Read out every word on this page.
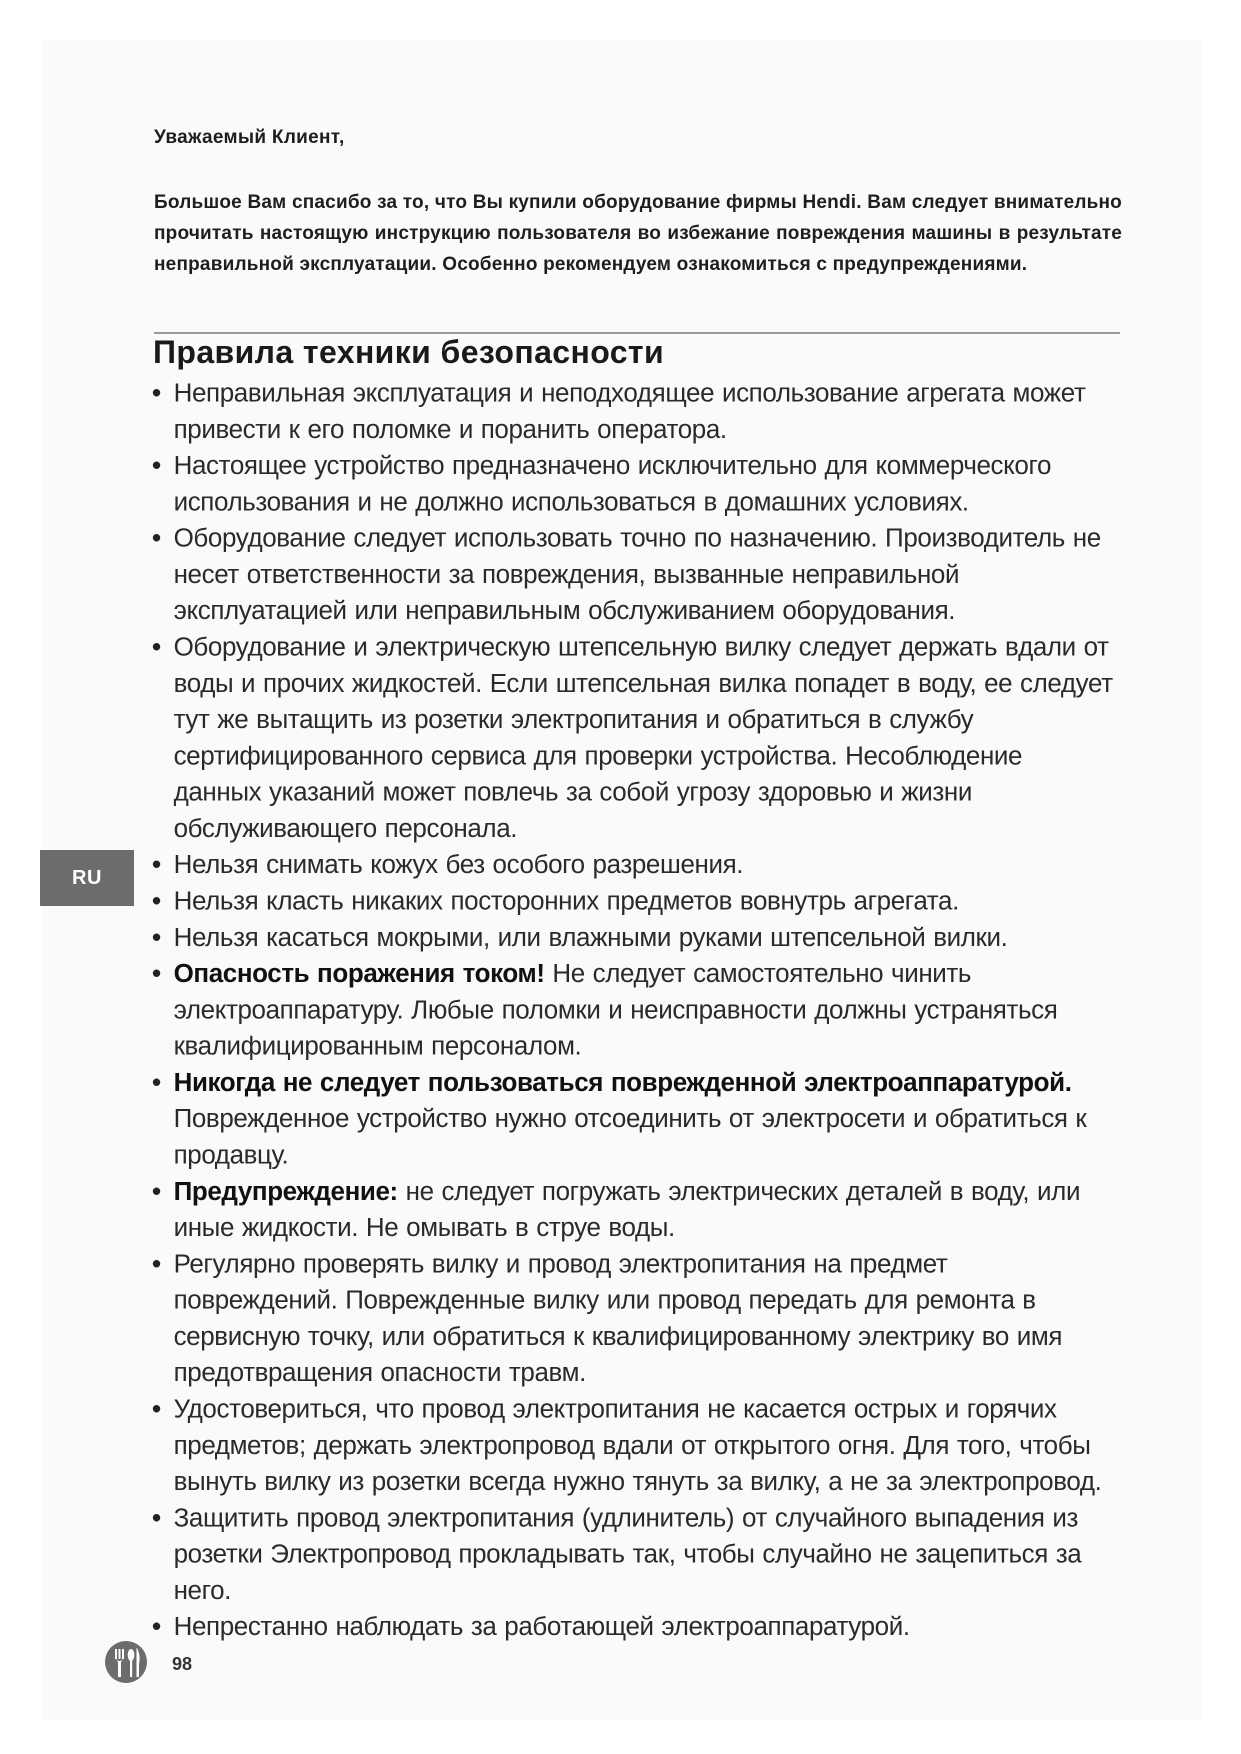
Уважаемый Клиент,

Большое Вам спасибо за то, что Вы купили оборудование фирмы Hendi. Вам следует внимательно прочитать настоящую инструкцию пользователя во избежание повреждения машины в результате неправильной эксплуатации. Особенно рекомендуем ознакомиться с предупреждениями.

Правила техники безопасности
• Неправильная эксплуатация и неподходящее использование агрегата может привести к его поломке и поранить оператора.
• Настоящее устройство предназначено исключительно для коммерческого использования и не должно использоваться в домашних условиях.
• Оборудование следует использовать точно по назначению. Производитель не несет ответственности за повреждения, вызванные неправильной эксплуатацией или неправильным обслуживанием оборудования.
• Оборудование и электрическую штепсельную вилку следует держать вдали от воды и прочих жидкостей. Если штепсельная вилка попадет в воду, ее следует тут же вытащить из розетки электропитания и обратиться в службу сертифицированного сервиса для проверки устройства. Несоблюдение данных указаний может повлечь за собой угрозу здоровью и жизни обслуживающего персонала.
• Нельзя снимать кожух без особого разрешения.
• Нельзя класть никаких посторонних предметов вовнутрь агрегата.
• Нельзя касаться мокрыми, или влажными руками штепсельной вилки.
• Опасность поражения током! Не следует самостоятельно чинить электроаппаратуру. Любые поломки и неисправности должны устраняться квалифицированным персоналом.
• Никогда не следует пользоваться поврежденной электроаппаратурой. Поврежденное устройство нужно отсоединить от электросети и обратиться к продавцу.
• Предупреждение: не следует погружать электрических деталей в воду, или иные жидкости. Не омывать в струе воды.
• Регулярно проверять вилку и провод электропитания на предмет повреждений. Поврежденные вилку или провод передать для ремонта в сервисную точку, или обратиться к квалифицированному электрику во имя предотвращения опасности травм.
• Удостовериться, что провод электропитания не касается острых и горячих предметов; держать электропровод вдали от открытого огня. Для того, чтобы вынуть вилку из розетки всегда нужно тянуть за вилку, а не за электропровод.
• Защитить провод электропитания (удлинитель) от случайного выпадения из розетки Электропровод прокладывать так, чтобы случайно не зацепиться за него.
• Непрестанно наблюдать за работающей электроаппаратурой.
RU
98
